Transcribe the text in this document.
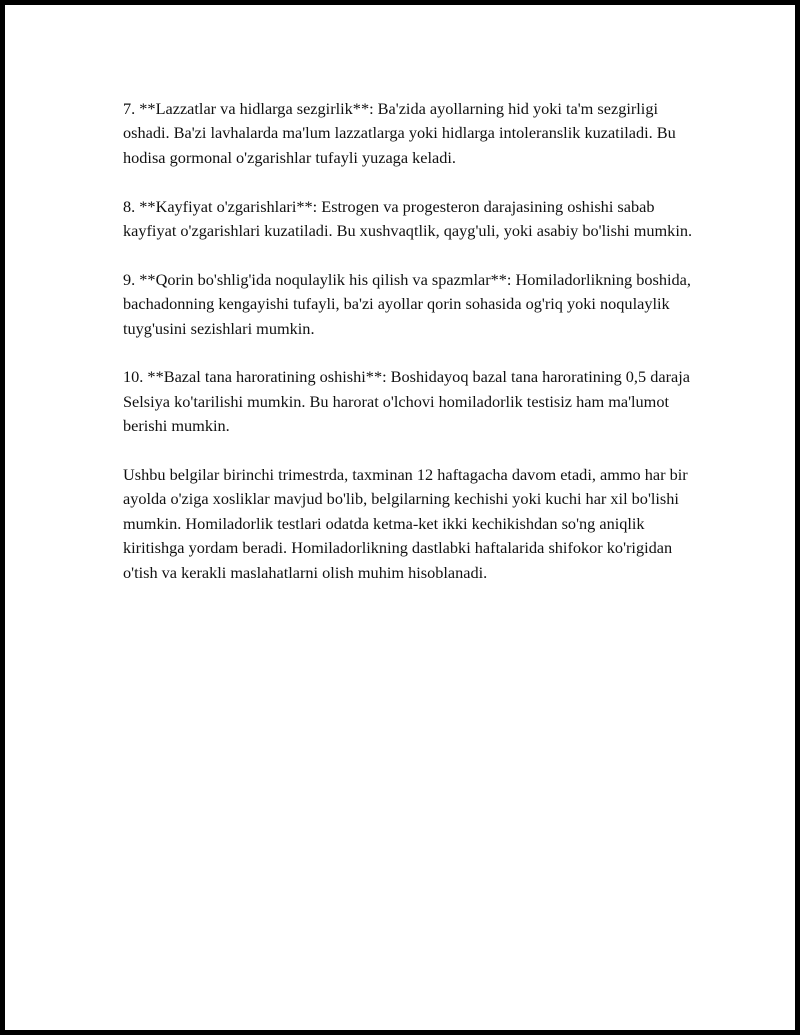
7. **Lazzatlar va hidlarga sezgirlik**: Ba'zida ayollarning hid yoki ta'm sezgirligi oshadi. Ba'zi lavhalarda ma'lum lazzatlarga yoki hidlarga intoleranslik kuzatiladi. Bu hodisa gormonal o'zgarishlar tufayli yuzaga keladi.

8. **Kayfiyat o'zgarishlari**: Estrogen va progesteron darajasining oshishi sabab kayfiyat o'zgarishlari kuzatiladi. Bu xushvaqtlik, qayg'uli, yoki asabiy bo'lishi mumkin.

9. **Qorin bo'shlig'ida noqulaylik his qilish va spazmlar**: Homiladorlikning boshida, bachadonning kengayishi tufayli, ba'zi ayollar qorin sohasida og'riq yoki noqulaylik tuyg'usini sezishlari mumkin.

10. **Bazal tana haroratining oshishi**: Boshidayoq bazal tana haroratining 0,5 daraja Selsiya ko'tarilishi mumkin. Bu harorat o'lchovi homiladorlik testisiz ham ma'lumot berishi mumkin.

Ushbu belgilar birinchi trimestrda, taxminan 12 haftagacha davom etadi, ammo har bir ayolda o'ziga xosliklar mavjud bo'lib, belgilarning kechishi yoki kuchi har xil bo'lishi mumkin. Homiladorlik testlari odatda ketma-ket ikki kechikishdan so'ng aniqlik kiritishga yordam beradi. Homiladorlikning dastlabki haftalarida shifokor ko'rigidan o'tish va kerakli maslahatlarni olish muhim hisoblanadi.
